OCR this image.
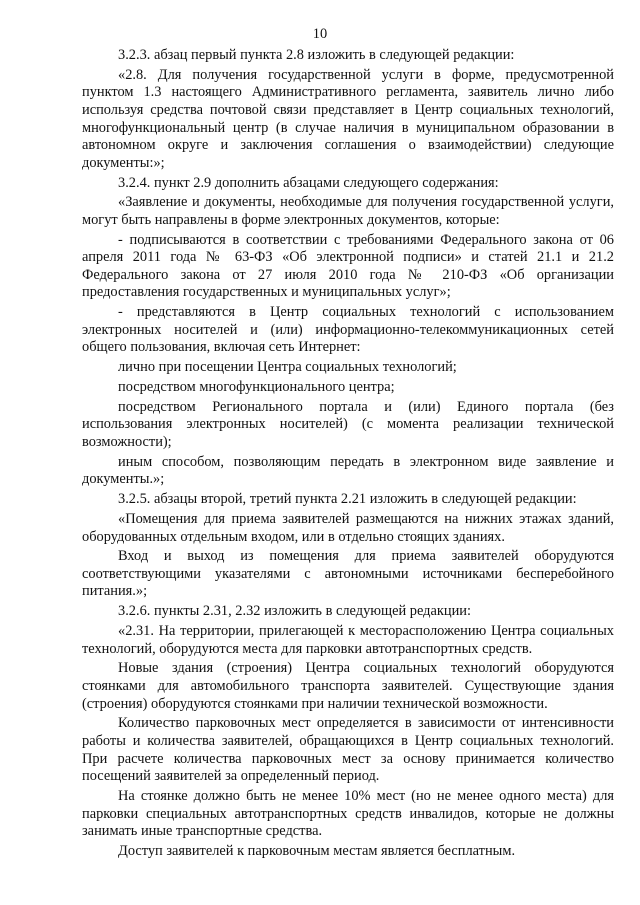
10

3.2.3. абзац первый пункта 2.8 изложить в следующей редакции:

«2.8. Для получения государственной услуги в форме, предусмотренной пунктом 1.3 настоящего Административного регламента, заявитель лично либо используя средства почтовой связи представляет в Центр социальных технологий, многофункциональный центр (в случае наличия в муниципальном образовании в автономном округе и заключения соглашения о взаимодействии) следующие документы:»;

3.2.4. пункт 2.9 дополнить абзацами следующего содержания:

«Заявление и документы, необходимые для получения государственной услуги, могут быть направлены в форме электронных документов, которые:

- подписываются в соответствии с требованиями Федерального закона от 06 апреля 2011 года № 63-ФЗ «Об электронной подписи» и статей 21.1 и 21.2 Федерального закона от 27 июля 2010 года № 210-ФЗ «Об организации предоставления государственных и муниципальных услуг»;

- представляются в Центр социальных технологий с использованием электронных носителей и (или) информационно-телекоммуникационных сетей общего пользования, включая сеть Интернет:

лично при посещении Центра социальных технологий;

посредством многофункционального центра;

посредством Регионального портала и (или) Единого портала (без использования электронных носителей) (с момента реализации технической возможности);

иным способом, позволяющим передать в электронном виде заявление и документы.»;

3.2.5. абзацы второй, третий пункта 2.21 изложить в следующей редакции:

«Помещения для приема заявителей размещаются на нижних этажах зданий, оборудованных отдельным входом, или в отдельно стоящих зданиях.

Вход и выход из помещения для приема заявителей оборудуются соответствующими указателями с автономными источниками бесперебойного питания.»;

3.2.6. пункты 2.31, 2.32 изложить в следующей редакции:

«2.31. На территории, прилегающей к месторасположению Центра социальных технологий, оборудуются места для парковки автотранспортных средств.

Новые здания (строения) Центра социальных технологий оборудуются стоянками для автомобильного транспорта заявителей. Существующие здания (строения) оборудуются стоянками при наличии технической возможности.

Количество парковочных мест определяется в зависимости от интенсивности работы и количества заявителей, обращающихся в Центр социальных технологий. При расчете количества парковочных мест за основу принимается количество посещений заявителей за определенный период.

На стоянке должно быть не менее 10% мест (но не менее одного места) для парковки специальных автотранспортных средств инвалидов, которые не должны занимать иные транспортные средства.

Доступ заявителей к парковочным местам является бесплатным.
